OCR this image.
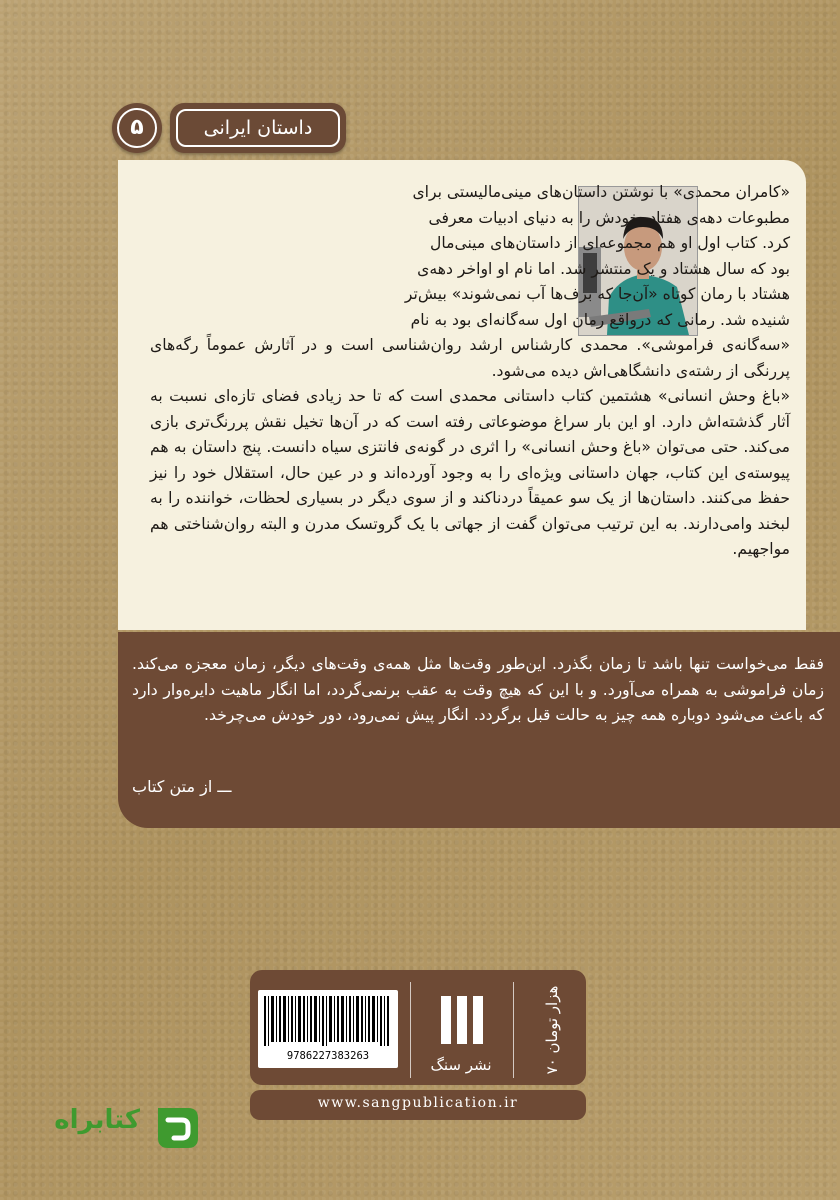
۵	داستان ایرانی
«کامران محمدی» با نوشتن داستان‌های مینی‌مالیستی برای
مطبوعات دهه‌ی هفتاد، خودش را به دنیای ادبیات معرفی
کرد. کتاب اول او هم مجموعه‌ای از داستان‌های مینی‌مال
بود که سال هشتاد و یک منتشر شد. اما نام او اواخر دهه‌ی
هشتاد با رمان کوتاه «آن‌جا که برف‌ها آب نمی‌شوند» بیش‌تر
شنیده شد. رمانی که درواقع رمان اول سه‌گانه‌ای بود به نام

«سه‌گانه‌ی فراموشی». محمدی کارشناس ارشد روان‌شناسی است و در آثارش عموماً رگه‌های پررنگی از رشته‌ی دانشگاهی‌اش دیده می‌شود.

«باغ وحش انسانی» هشتمین کتاب داستانی محمدی است که تا حد زیادی فضای تازه‌ای نسبت به آثار گذشته‌اش دارد. او این بار سراغ موضوعاتی رفته است که در آن‌ها تخیل نقش پررنگ‌تری بازی می‌کند. حتی می‌توان «باغ وحش انسانی» را اثری در گونه‌ی فانتزی سیاه دانست. پنج داستان به هم پیوسته‌ی این کتاب، جهان داستانی ویژه‌ای را به وجود آورده‌اند و در عین حال، استقلال خود را نیز حفظ می‌کنند. داستان‌ها از یک سو عمیقاً دردناکند و از سوی دیگر در بسیاری لحظات، خواننده را به لبخند وامی‌دارند. به این ترتیب می‌توان گفت از جهاتی با یک گروتسک مدرن و البته روان‌شناختی هم مواجهیم.

فقط می‌خواست تنها باشد تا زمان بگذرد. این‌طور وقت‌ها مثل همه‌ی وقت‌های دیگر، زمان معجزه می‌کند. زمان فراموشی به همراه می‌آورد. و با این که هیچ وقت به عقب برنمی‌گردد، اما انگار ماهیت دایره‌وار دارد که باعث می‌شود دوباره همه چیز به حالت قبل برگردد. انگار پیش نمی‌رود، دور خودش می‌چرخد.
ـــ از متن کتاب
9786227383263	نشر سنگ	۷۰ هزار تومان
www.sangpublication.ir
کتابراه
